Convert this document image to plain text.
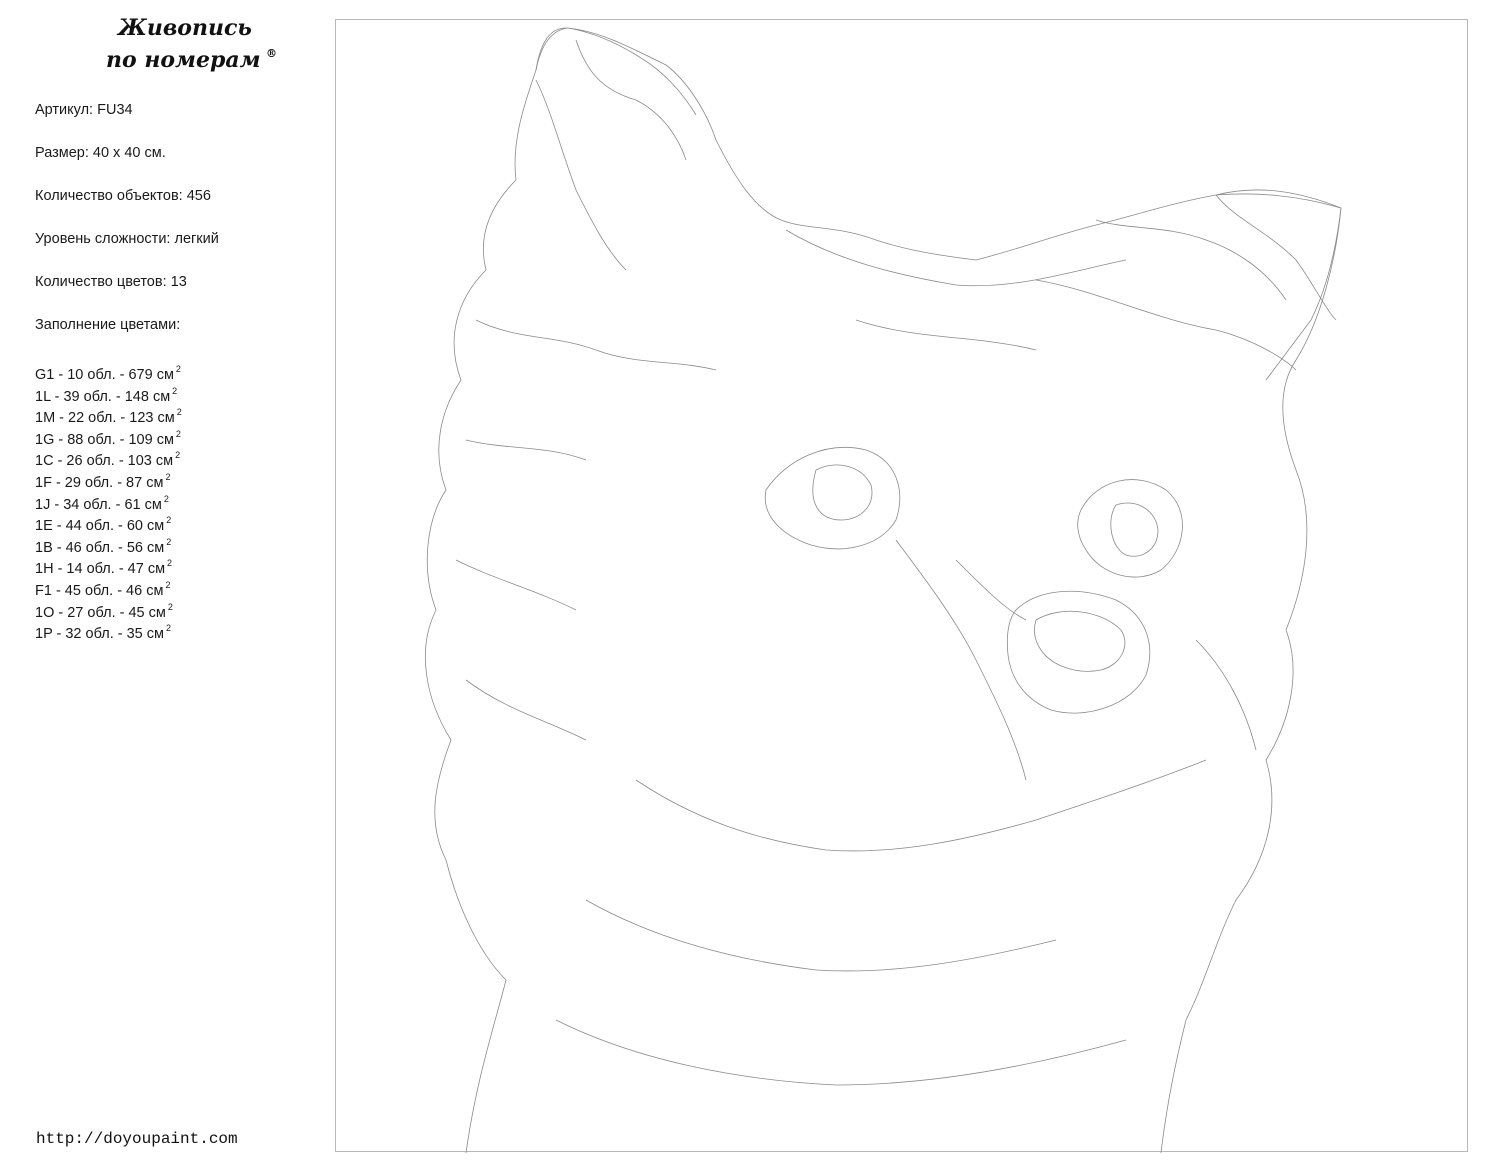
Живопись
по номерам ®
Артикул: FU34
Размер: 40 х 40 см.
Количество объектов: 456
Уровень сложности: легкий
Количество цветов: 13
Заполнение цветами:
G1 - 10 обл. - 679 см $^2$
1L - 39 обл. - 148 см $^2$
1M - 22 обл. - 123 см $^2$
1G - 88 обл. - 109 см $^2$
1C - 26 обл. - 103 см $^2$
1F - 29 обл. - 87 см $^2$
1J - 34 обл. - 61 см $^2$
1E - 44 обл. - 60 см $^2$
1B - 46 обл. - 56 см $^2$
1H - 14 обл. - 47 см $^2$
F1 - 45 обл. - 46 см $^2$
1O - 27 обл. - 45 см $^2$
1P - 32 обл. - 35 см $^2$
http://doyoupaint.com
